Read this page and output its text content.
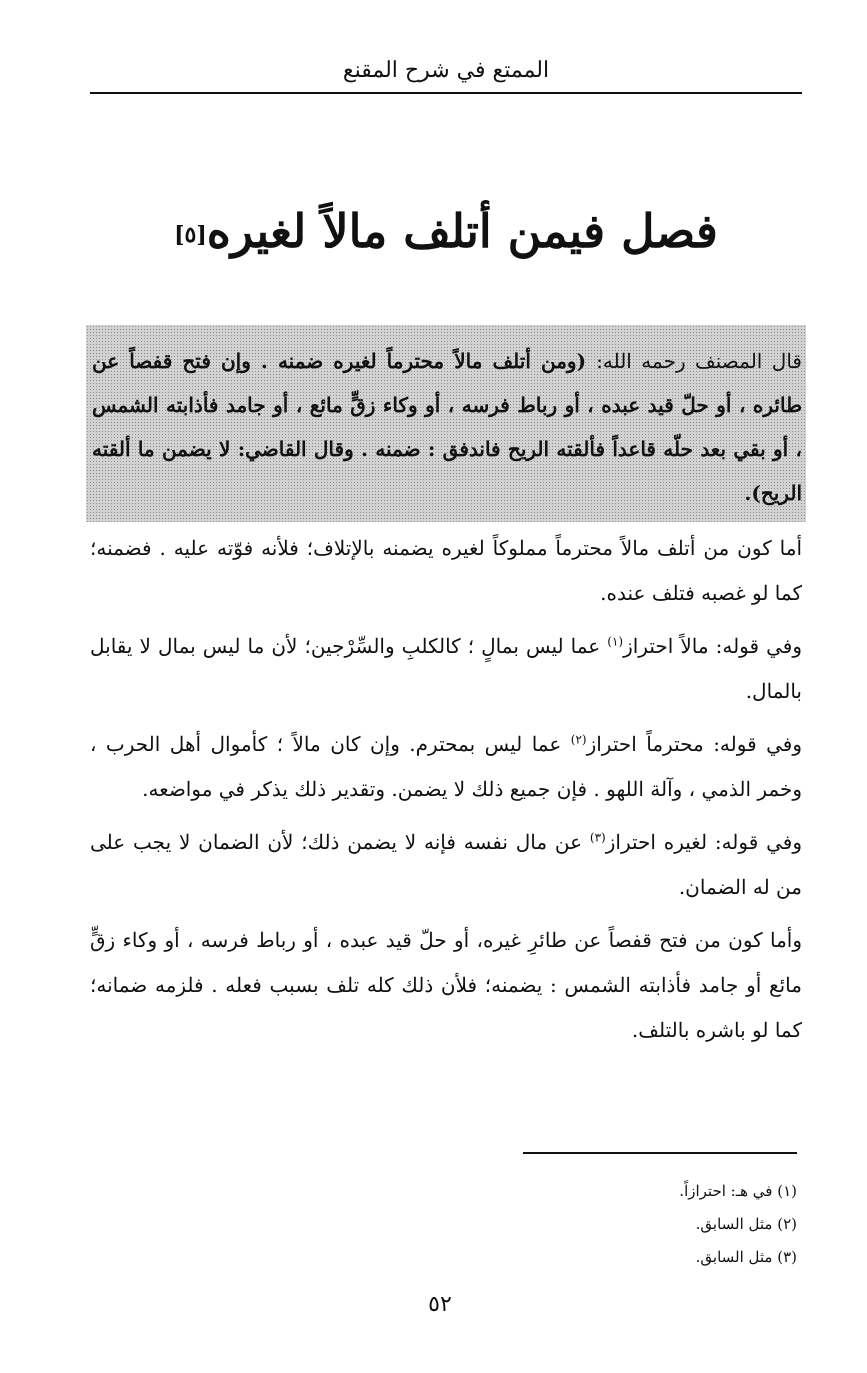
الممتع في شرح المقنع
فصل فيمن أتلف مالاً لغيره[٥]
قال المصنف رحمه الله: (ومن أتلف مالاً محترماً لغيره ضمنه . وإن فتح قفصاً عن طائره ، أو حلّ قيد عبده ، أو رباط فرسه ، أو وكاء زقٍّ مائع ، أو جامد فأذابته الشمس ، أو بقي بعد حلّه قاعداً فألقته الريح فاندفق : ضمنه . وقال القاضي: لا يضمن ما ألقته الريح).

أما كون من أتلف مالاً محترماً مملوكاً لغيره يضمنه بالإتلاف؛ فلأنه فوّته عليه . فضمنه؛ كما لو غصبه فتلف عنده.

وفي قوله: مالاً احتراز$^{(١)}$ عما ليس بمالٍ ؛ كالكلبِ والسِّرْجين؛ لأن ما ليس بمال لا يقابل بالمال.

وفي قوله: محترماً احتراز$^{(٢)}$ عما ليس بمحترم. وإن كان مالاً ؛ كأموال أهل الحرب ، وخمر الذمي ، وآلة اللهو . فإن جميع ذلك لا يضمن. وتقدير ذلك يذكر في مواضعه.

وفي قوله: لغيره احتراز$^{(٣)}$ عن مال نفسه فإنه لا يضمن ذلك؛ لأن الضمان لا يجب على من له الضمان.

وأما كون من فتح قفصاً عن طائرِ غيره، أو حلّ قيد عبده ، أو رباط فرسه ، أو وكاء زقٍّ مائع أو جامد فأذابته الشمس : يضمنه؛ فلأن ذلك كله تلف بسبب فعله . فلزمه ضمانه؛ كما لو باشره بالتلف.

(١) في هـ: احترازاً.
(٢) مثل السابق.
(٣) مثل السابق.
٥٢
